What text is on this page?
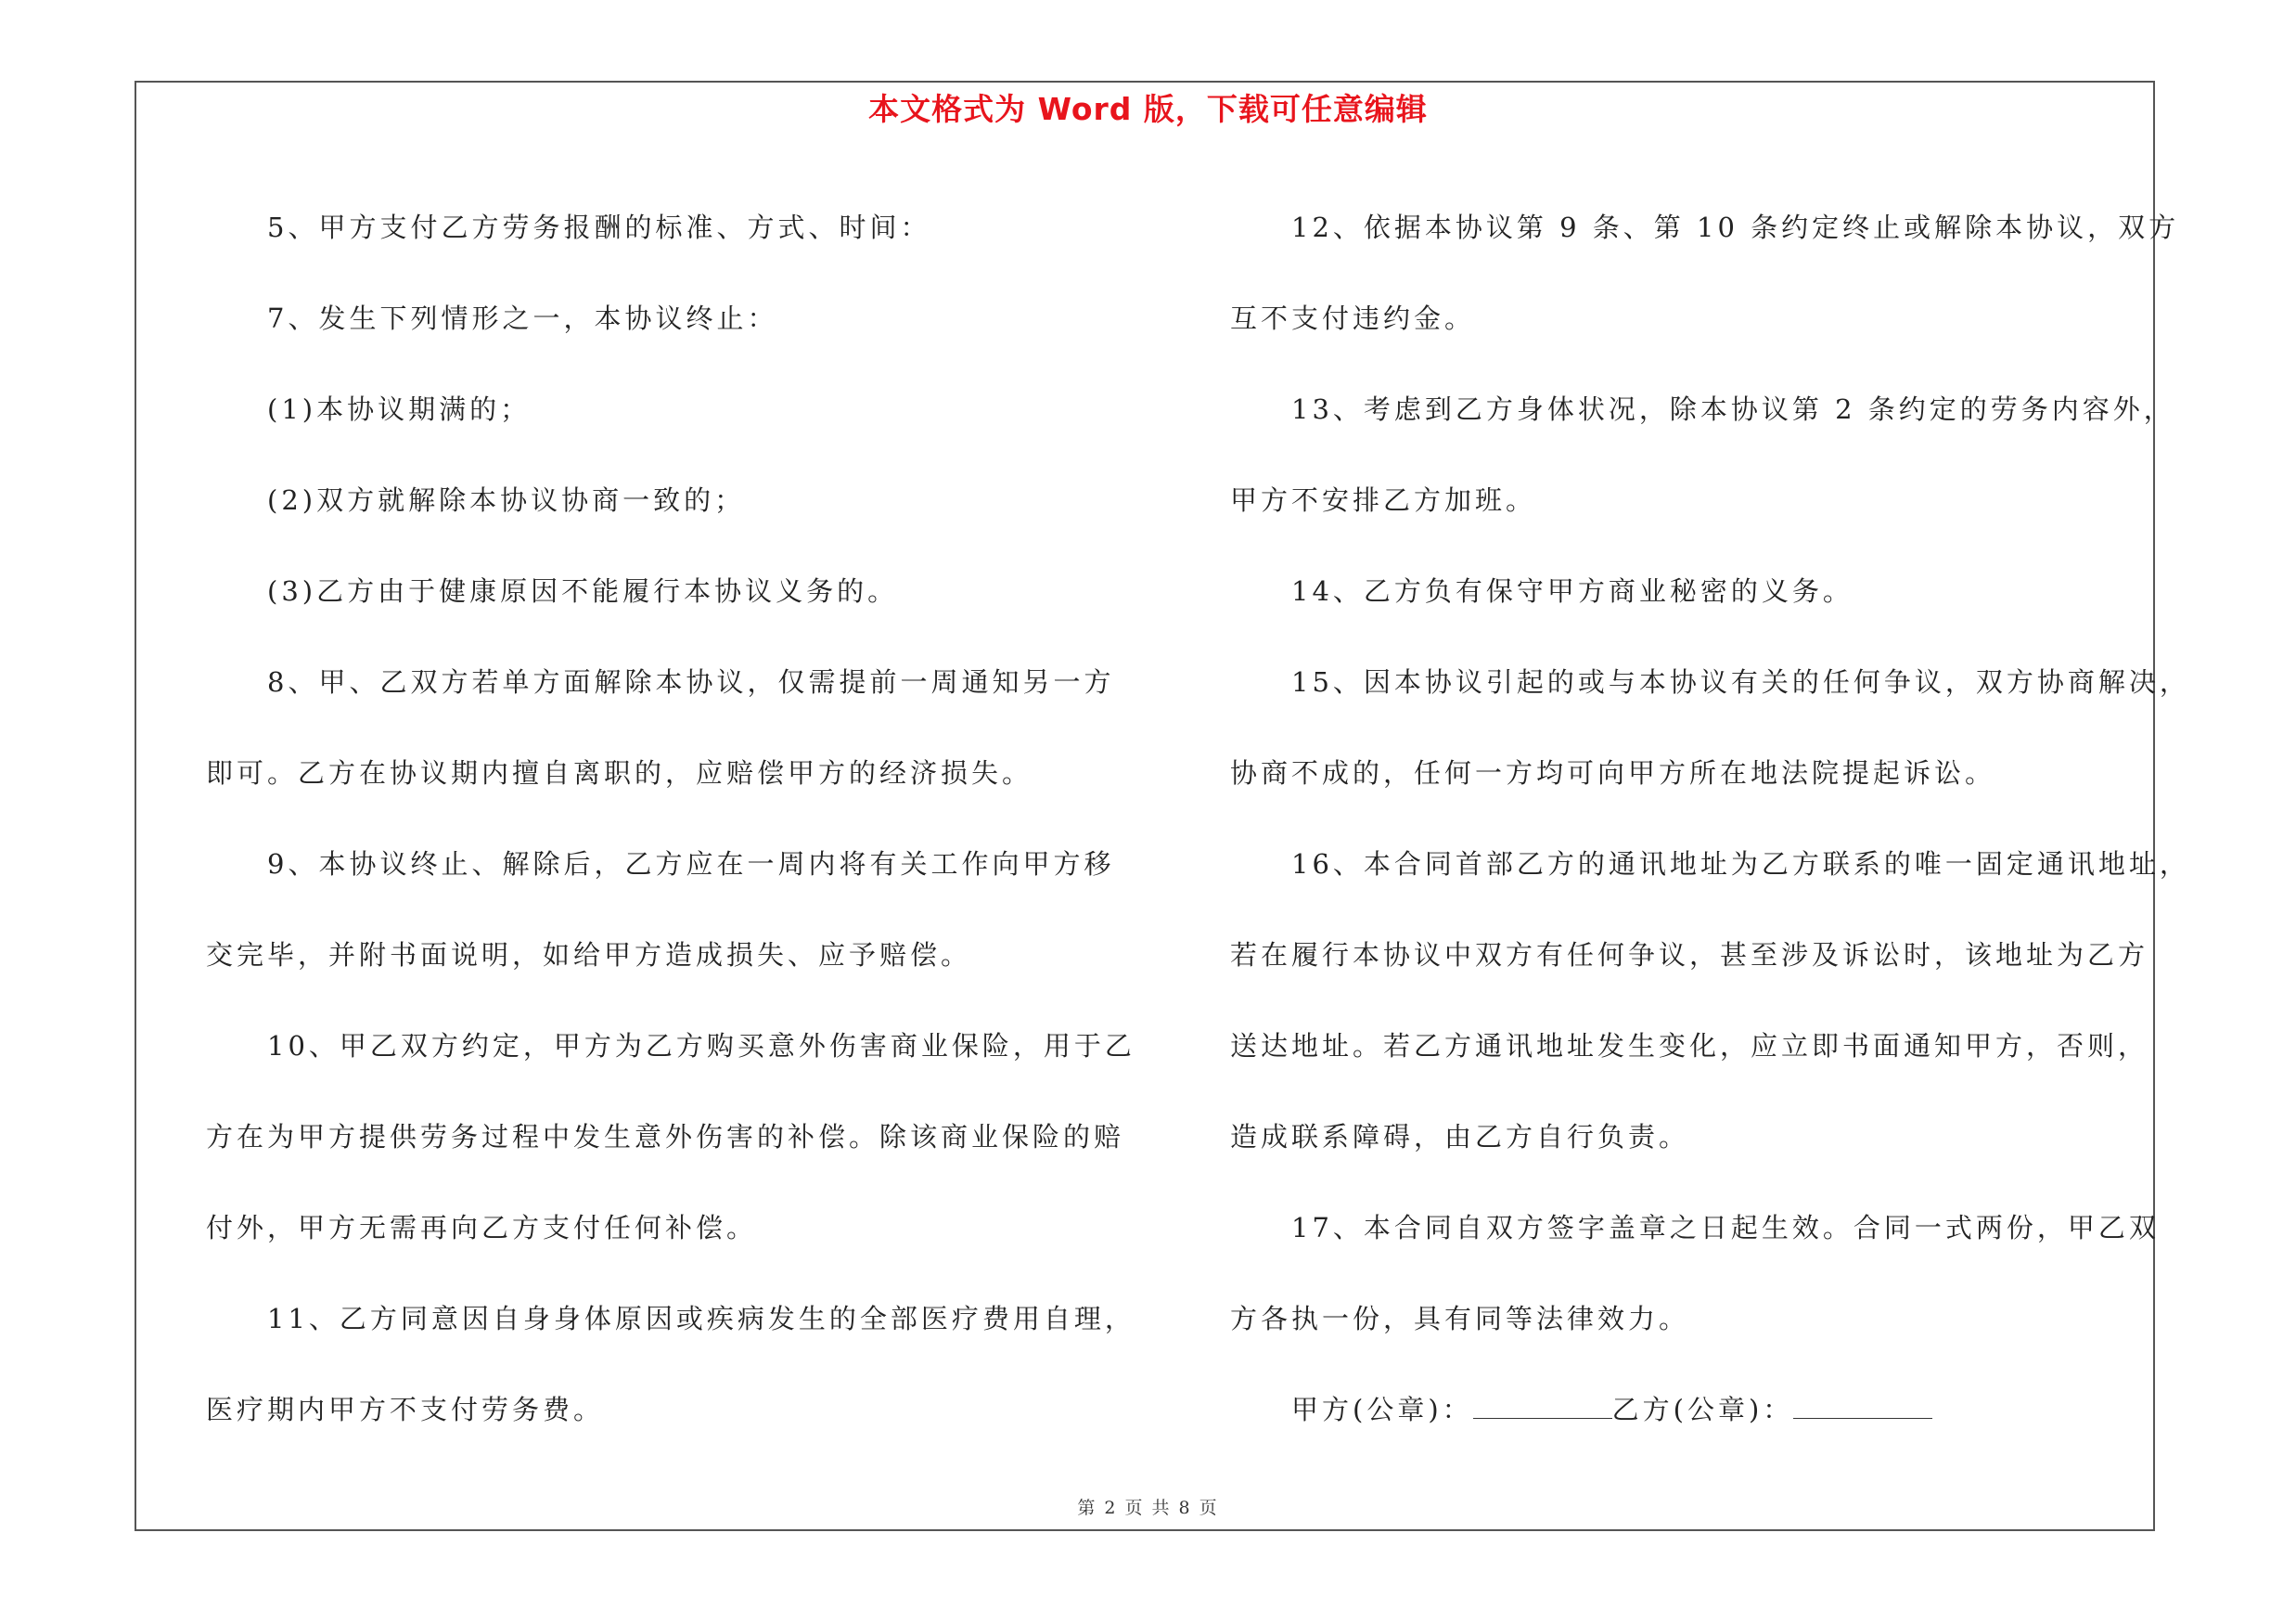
本文格式为 Word 版，下载可任意编辑

5、甲方支付乙方劳务报酬的标准、方式、时间：

7、发生下列情形之一，本协议终止：

(1)本协议期满的；

(2)双方就解除本协议协商一致的；

(3)乙方由于健康原因不能履行本协议义务的。

8、甲、乙双方若单方面解除本协议，仅需提前一周通知另一方

即可。乙方在协议期内擅自离职的，应赔偿甲方的经济损失。

9、本协议终止、解除后，乙方应在一周内将有关工作向甲方移

交完毕，并附书面说明，如给甲方造成损失、应予赔偿。

10、甲乙双方约定，甲方为乙方购买意外伤害商业保险，用于乙

方在为甲方提供劳务过程中发生意外伤害的补偿。除该商业保险的赔

付外，甲方无需再向乙方支付任何补偿。

11、乙方同意因自身身体原因或疾病发生的全部医疗费用自理，

医疗期内甲方不支付劳务费。

12、依据本协议第 9 条、第 10 条约定终止或解除本协议，双方

互不支付违约金。

13、考虑到乙方身体状况，除本协议第 2 条约定的劳务内容外，

甲方不安排乙方加班。

14、乙方负有保守甲方商业秘密的义务。

15、因本协议引起的或与本协议有关的任何争议，双方协商解决，

协商不成的，任何一方均可向甲方所在地法院提起诉讼。

16、本合同首部乙方的通讯地址为乙方联系的唯一固定通讯地址，

若在履行本协议中双方有任何争议，甚至涉及诉讼时，该地址为乙方

送达地址。若乙方通讯地址发生变化，应立即书面通知甲方，否则，

造成联系障碍，由乙方自行负责。

17、本合同自双方签字盖章之日起生效。合同一式两份，甲乙双

方各执一份，具有同等法律效力。

甲方(公章)：	乙方(公章)：

第 2 页 共 8 页
